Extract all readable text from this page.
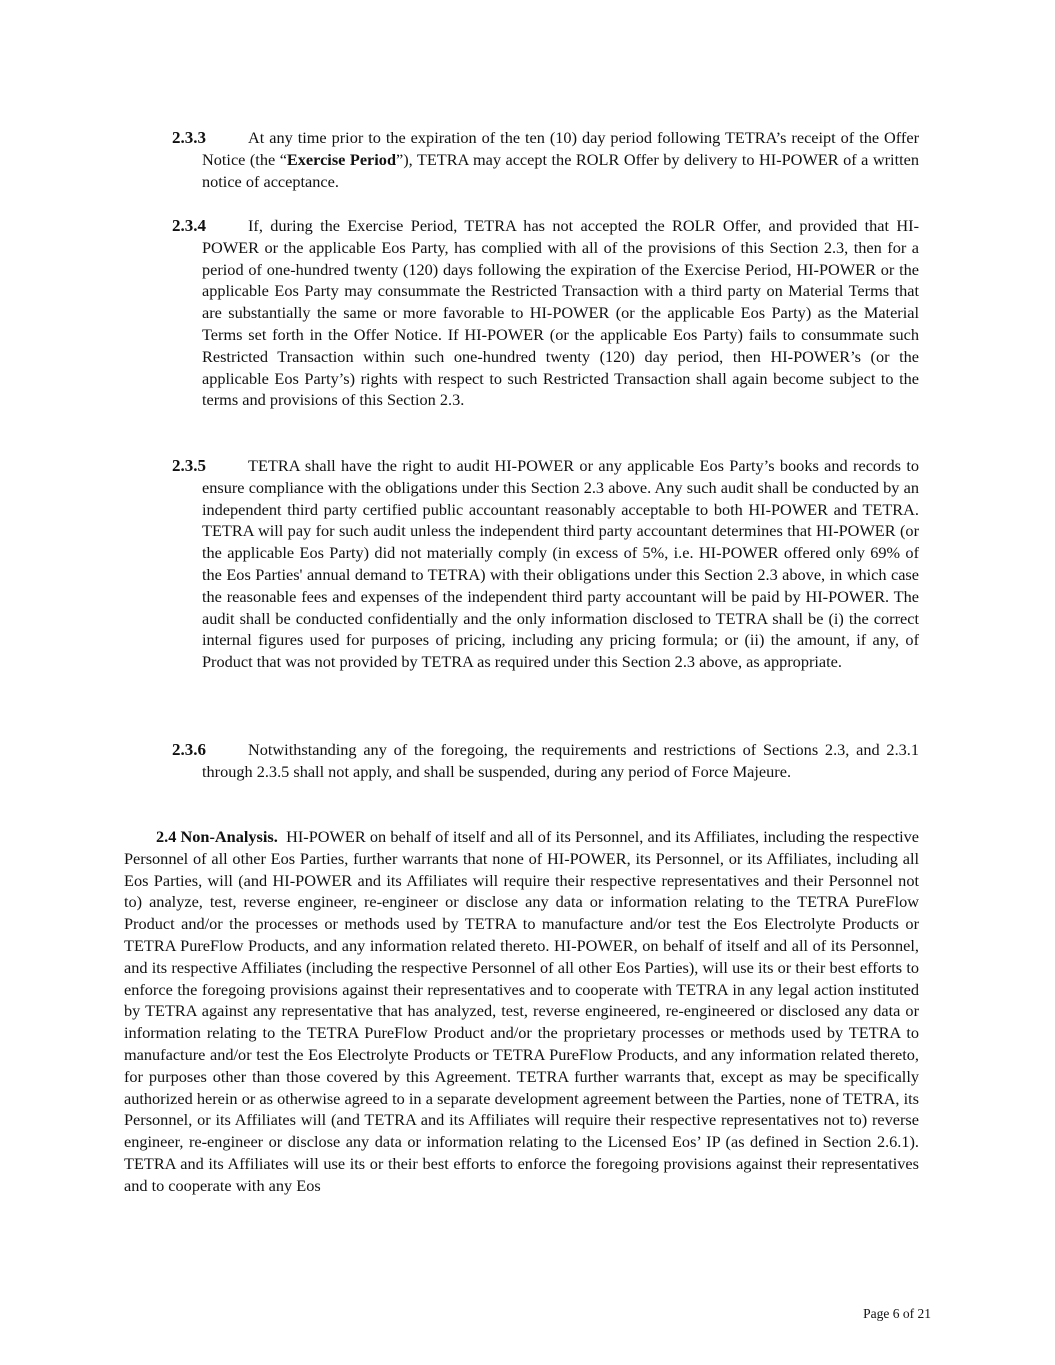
2.3.3	At any time prior to the expiration of the ten (10) day period following TETRA’s receipt of the Offer Notice (the “Exercise Period”), TETRA may accept the ROLR Offer by delivery to HI-POWER of a written notice of acceptance.

2.3.4	If, during the Exercise Period, TETRA has not accepted the ROLR Offer, and provided that HI-POWER or the applicable Eos Party, has complied with all of the provisions of this Section 2.3, then for a period of one-hundred twenty (120) days following the expiration of the Exercise Period, HI-POWER or the applicable Eos Party may consummate the Restricted Transaction with a third party on Material Terms that are substantially the same or more favorable to HI-POWER (or the applicable Eos Party) as the Material Terms set forth in the Offer Notice. If HI-POWER (or the applicable Eos Party) fails to consummate such Restricted Transaction within such one-hundred twenty (120) day period, then HI-POWER’s (or the applicable Eos Party’s) rights with respect to such Restricted Transaction shall again become subject to the terms and provisions of this Section 2.3.

2.3.5	TETRA shall have the right to audit HI-POWER or any applicable Eos Party’s books and records to ensure compliance with the obligations under this Section 2.3 above. Any such audit shall be conducted by an independent third party certified public accountant reasonably acceptable to both HI-POWER and TETRA. TETRA will pay for such audit unless the independent third party accountant determines that HI-POWER (or the applicable Eos Party) did not materially comply (in excess of 5%, i.e. HI-POWER offered only 69% of the Eos Parties' annual demand to TETRA) with their obligations under this Section 2.3 above, in which case the reasonable fees and expenses of the independent third party accountant will be paid by HI-POWER. The audit shall be conducted confidentially and the only information disclosed to TETRA shall be (i) the correct internal figures used for purposes of pricing, including any pricing formula; or (ii) the amount, if any, of Product that was not provided by TETRA as required under this Section 2.3 above, as appropriate.

2.3.6	Notwithstanding any of the foregoing, the requirements and restrictions of Sections 2.3, and 2.3.1 through 2.3.5 shall not apply, and shall be suspended, during any period of Force Majeure.

2.4 Non-Analysis. HI-POWER on behalf of itself and all of its Personnel, and its Affiliates, including the respective Personnel of all other Eos Parties, further warrants that none of HI-POWER, its Personnel, or its Affiliates, including all Eos Parties, will (and HI-POWER and its Affiliates will require their respective representatives and their Personnel not to) analyze, test, reverse engineer, re-engineer or disclose any data or information relating to the TETRA PureFlow Product and/or the processes or methods used by TETRA to manufacture and/or test the Eos Electrolyte Products or TETRA PureFlow Products, and any information related thereto. HI-POWER, on behalf of itself and all of its Personnel, and its respective Affiliates (including the respective Personnel of all other Eos Parties), will use its or their best efforts to enforce the foregoing provisions against their representatives and to cooperate with TETRA in any legal action instituted by TETRA against any representative that has analyzed, test, reverse engineered, re-engineered or disclosed any data or information relating to the TETRA PureFlow Product and/or the proprietary processes or methods used by TETRA to manufacture and/or test the Eos Electrolyte Products or TETRA PureFlow Products, and any information related thereto, for purposes other than those covered by this Agreement. TETRA further warrants that, except as may be specifically authorized herein or as otherwise agreed to in a separate development agreement between the Parties, none of TETRA, its Personnel, or its Affiliates will (and TETRA and its Affiliates will require their respective representatives not to) reverse engineer, re-engineer or disclose any data or information relating to the Licensed Eos’ IP (as defined in Section 2.6.1). TETRA and its Affiliates will use its or their best efforts to enforce the foregoing provisions against their representatives and to cooperate with any Eos

Page 6 of 21
